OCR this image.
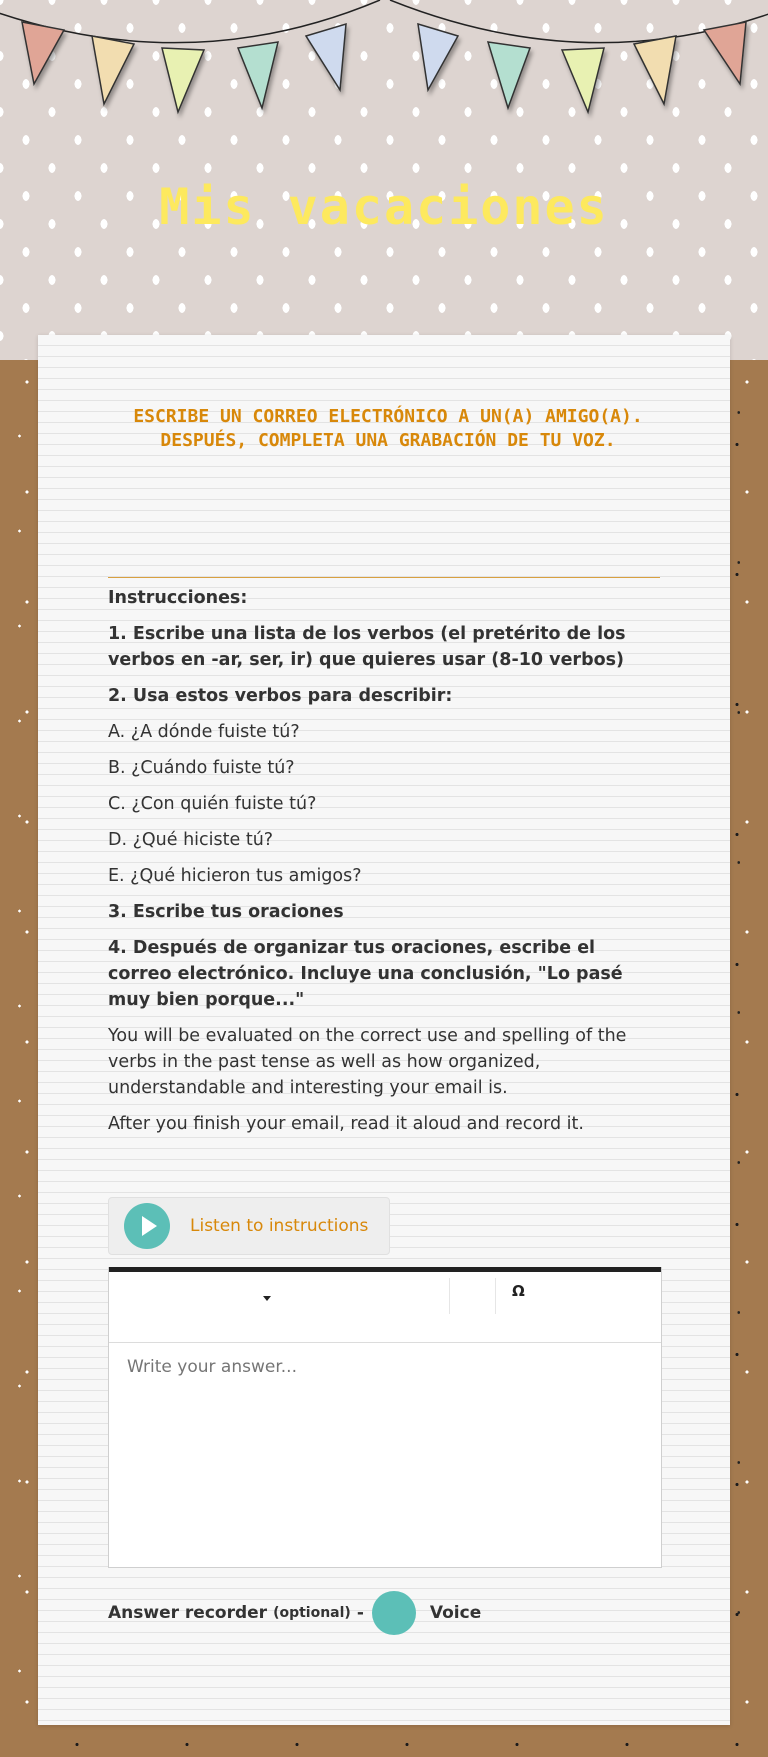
Mis vacaciones
ESCRIBE UN CORREO ELECTRÓNICO A UN(A) AMIGO(A). DESPUÉS, COMPLETA UNA GRABACIÓN DE TU VOZ.

Instrucciones:

1. Escribe una lista de los verbos (el pretérito de los verbos en -ar, ser, ir) que quieres usar (8-10 verbos)

2. Usa estos verbos para describir:

A. ¿A dónde fuiste tú?

B. ¿Cuándo fuiste tú?

C. ¿Con quién fuiste tú?

D. ¿Qué hiciste tú?

E. ¿Qué hicieron tus amigos?

3. Escribe tus oraciones

4. Después de organizar tus oraciones, escribe el correo electrónico. Incluye una conclusión, "Lo pasé muy bien porque..."

You will be evaluated on the correct use and spelling of the verbs in the past tense as well as how organized, understandable and interesting your email is.

After you finish your email, read it aloud and record it.

Listen to instructions
Ω
Write your answer...
Answer recorder (optional) -	Voice
